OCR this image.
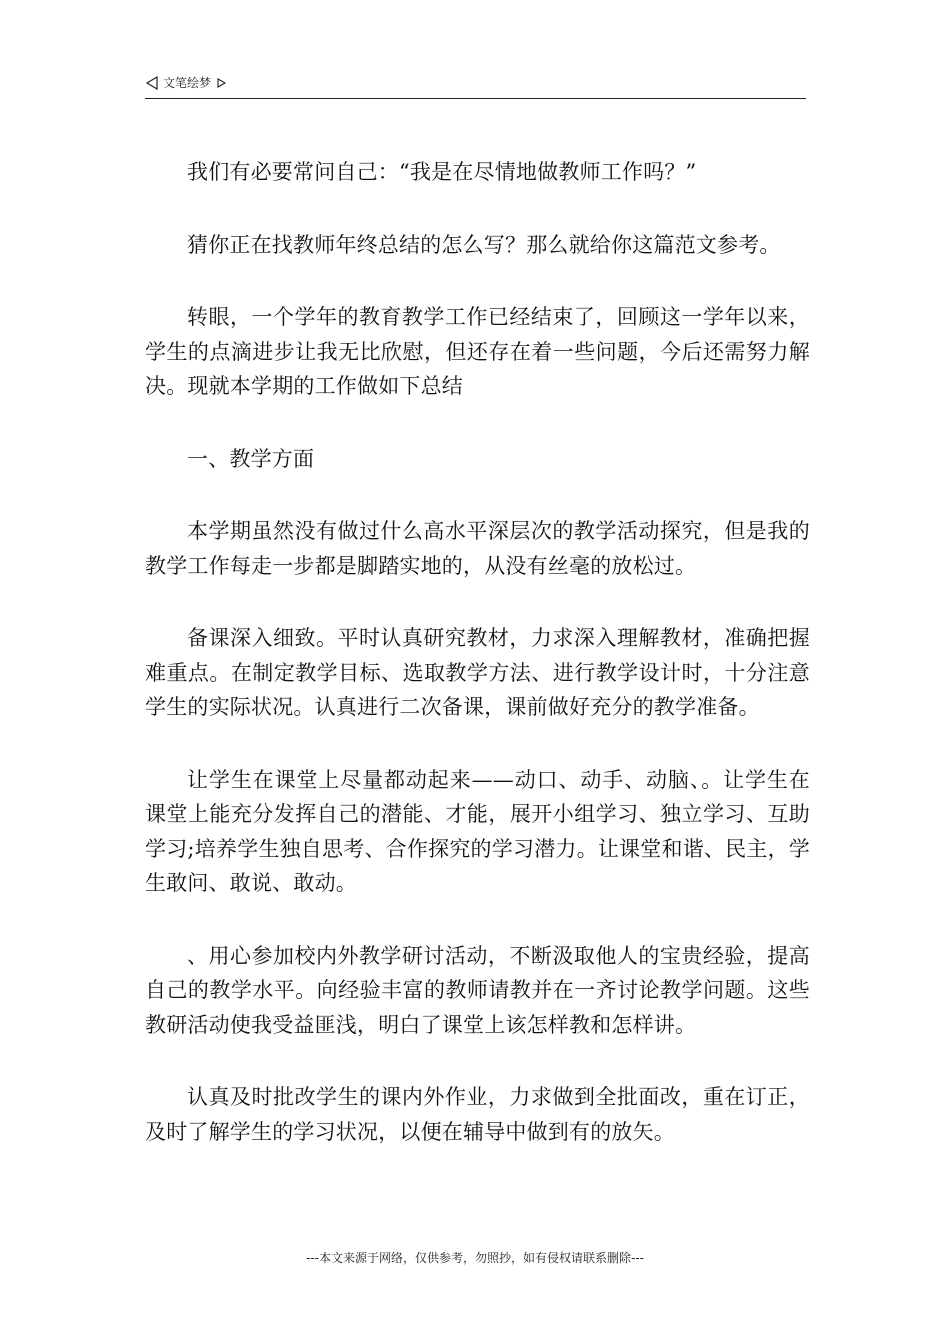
文笔绘梦

我们有必要常问自己：“我是在尽情地做教师工作吗？”

猜你正在找教师年终总结的怎么写？那么就给你这篇范文参考。

转眼，一个学年的教育教学工作已经结束了，回顾这一学年以来，学生的点滴进步让我无比欣慰，但还存在着一些问题，今后还需努力解决。现就本学期的工作做如下总结

一、教学方面

本学期虽然没有做过什么高水平深层次的教学活动探究，但是我的教学工作每走一步都是脚踏实地的，从没有丝毫的放松过。

备课深入细致。平时认真研究教材，力求深入理解教材，准确把握难重点。在制定教学目标、选取教学方法、进行教学设计时，十分注意学生的实际状况。认真进行二次备课，课前做好充分的教学准备。

让学生在课堂上尽量都动起来——动口、动手、动脑、。让学生在课堂上能充分发挥自己的潜能、才能，展开小组学习、独立学习、互助学习;培养学生独自思考、合作探究的学习潜力。让课堂和谐、民主，学生敢问、敢说、敢动。

、用心参加校内外教学研讨活动，不断汲取他人的宝贵经验，提高自己的教学水平。向经验丰富的教师请教并在一齐讨论教学问题。这些教研活动使我受益匪浅，明白了课堂上该怎样教和怎样讲。

认真及时批改学生的课内外作业，力求做到全批面改，重在订正，及时了解学生的学习状况，以便在辅导中做到有的放矢。

---本文来源于网络，仅供参考，勿照抄，如有侵权请联系删除---
